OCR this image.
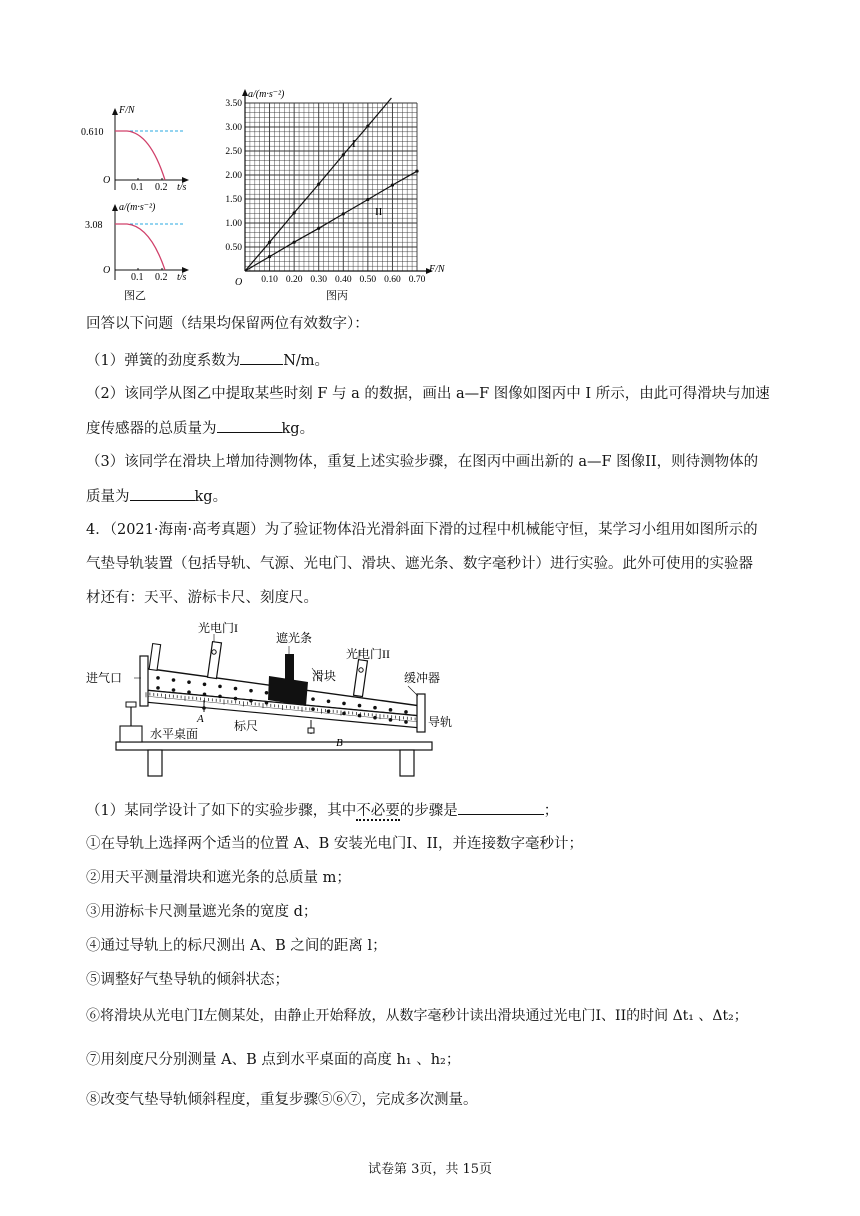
F/N
0.610
O
0.1 0.2 t/s
a/(m·s⁻²)
3.08
O
0.1 0.2 t/s
图乙
0.50
1.00
1.50
2.00
2.50
3.00
3.50
0.10 0.20 0.30 0.40 0.50 0.60 0.70
a/(m·s⁻²)
F/N
O
I
II
图丙
回答以下问题（结果均保留两位有效数字）：
（1）弹簧的劲度系数为	N/m。
（2）该同学从图乙中提取某些时刻 F 与 a 的数据，画出 a—F 图像如图丙中 I 所示，由此可得滑块与加速
度传感器的总质量为	kg。
（3）该同学在滑块上增加待测物体，重复上述实验步骤，在图丙中画出新的 a—F 图像II，则待测物体的
质量为	kg。
4．（2021·海南·高考真题）为了验证物体沿光滑斜面下滑的过程中机械能守恒，某学习小组用如图所示的
气垫导轨装置（包括导轨、气源、光电门、滑块、遮光条、数字毫秒计）进行实验。此外可使用的实验器
材还有：天平、游标卡尺、刻度尺。
光电门I
遮光条
光电门II
进气口	滑块	缓冲器
水平桌面
标尺	导轨
A
B
（1）某同学设计了如下的实验步骤，其中不必要的步骤是	；
①在导轨上选择两个适当的位置 A、B 安装光电门I、II，并连接数字毫秒计；
②用天平测量滑块和遮光条的总质量 m；
③用游标卡尺测量遮光条的宽度 d；
④通过导轨上的标尺测出 A、B 之间的距离 l；
⑤调整好气垫导轨的倾斜状态；
⑥将滑块从光电门I左侧某处，由静止开始释放，从数字毫秒计读出滑块通过光电门I、II的时间 Δt₁ 、Δt₂；
⑦用刻度尺分别测量 A、B 点到水平桌面的高度 h₁ 、h₂；
⑧改变气垫导轨倾斜程度，重复步骤⑤⑥⑦，完成多次测量。
试卷第 3页，共 15页
